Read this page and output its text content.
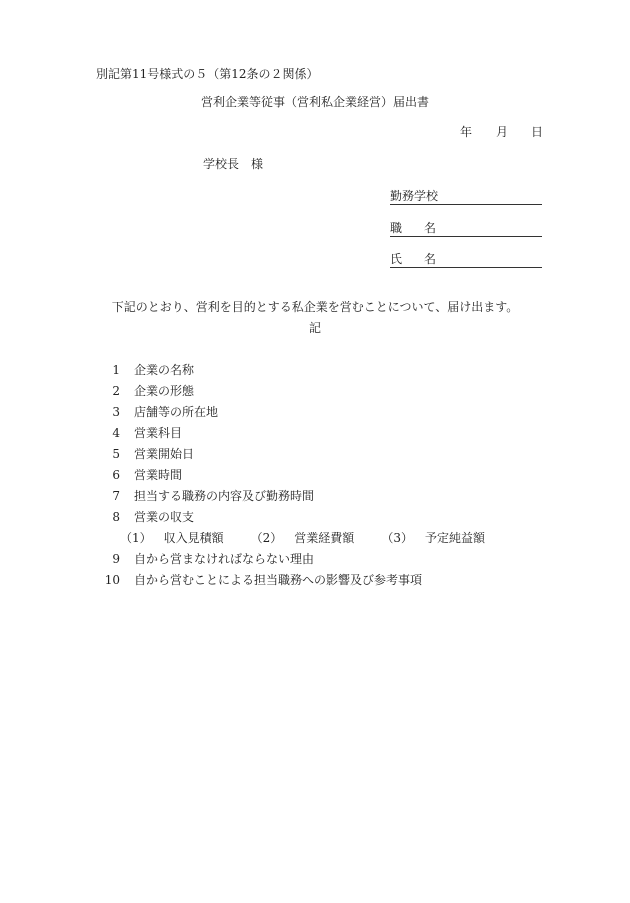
別記第11号様式の５（第12条の２関係）
営利企業等従事（営利私企業経営）届出書
年 月 日
学校長　様
勤務学校
職 名
氏 名
下記のとおり、営利を目的とする私企業を営むことについて、届け出ます。
記
1 企業の名称
2 企業の形態
3 店舗等の所在地
4 営業科目
5 営業開始日
6 営業時間
7 担当する職務の内容及び勤務時間
8 営業の収支
（1） 収入見積額 （2） 営業経費額 （3） 予定純益額
9 自から営まなければならない理由
10 自から営むことによる担当職務への影響及び参考事項
